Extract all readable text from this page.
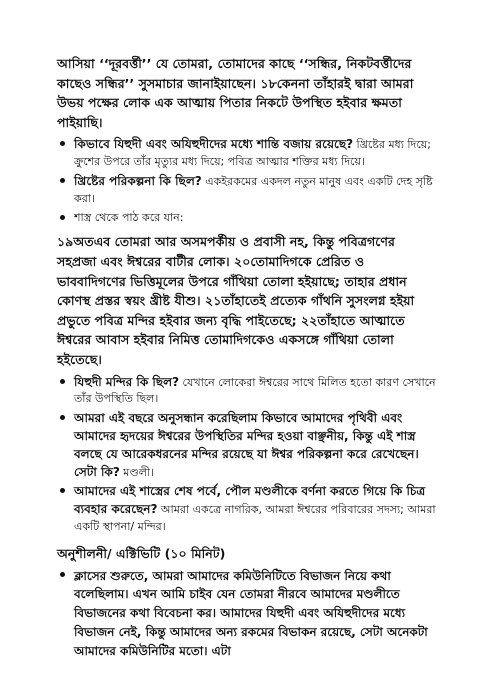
আসিয়া ‘‘দূরবর্ত্তী’’ যে তোমরা, তোমাদের কাছে ‘‘সন্ধির, নিকটবর্ত্তীদের কাছেও সন্ধির’’ সুসমাচার জানাইয়াছেন। ১৮কেননা তাঁহারই দ্বারা আমরা উভয় পক্ষের লোক এক আত্মায় পিতার নিকটে উপস্থিত হইবার ক্ষমতা পাইয়াছি।

কিভাবে যিহুদী এবং অযিহুদীদের মধ্যে শান্তি বজায় রয়েছে? খ্রিষ্টের মধ্য দিয়ে; ক্রুশের উপরে তাঁর মৃত্যুর মধ্য দিয়ে; পবিত্র আত্মার শক্তির মধ্য দিয়ে।
খ্রিষ্টের পরিকল্পনা কি ছিল? একইরকমের একদল নতুন মানুষ এবং একটি দেহ সৃষ্টি করা।
শাস্ত্র থেকে পাঠ করে যান:

১৯অতএব তোমরা আর অসমপর্কীয় ও প্রবাসী নহ, কিন্তু পবিত্রগণের সহপ্রজা এবং ঈশ্বরের বাটীর লোক। ২০তোমাদিগকে প্রেরিত ও ভাববাদিগণের ভিত্তিমূলের উপরে গাঁথিয়া তোলা হইয়াছে; তাহার প্রধান কোণস্থ প্রস্তর স্বয়ং খ্রীষ্ট যীশু। ২১তাঁহাতেই প্রত্যেক গাঁথনি সুসংলগ্ন হইয়া প্রভুতে পবিত্র মন্দির হইবার জন্য বৃদ্ধি পাইতেছে; ২২তাঁহাতে আত্মাতে ঈশ্বরের আবাস হইবার নিমিত্ত তোমাদিগকেও একসঙ্গে গাঁথিয়া তোলা হইতেছে।

যিহুদী মন্দির কি ছিল? যেখানে লোকেরা ঈশ্বরের সাথে মিলিত হতো কারণ সেখানে তাঁর উপস্থিতি ছিল।
আমরা এই বছরে অনুসন্ধান করেছিলাম কিভাবে আমাদের পৃথিবী এবং আমাদের হৃদয়ের ঈশ্বরের উপস্থিতির মন্দির হওয়া বাঞ্ছনীয়, কিন্তু এই শাস্ত্র বলছে যে আরেকধরনের মন্দির রয়েছে যা ঈশ্বর পরিকল্পনা করে রেখেছেন। সেটা কি? মণ্ডলী।
আমাদের এই শাস্ত্রের শেষ পর্বে, পৌল মণ্ডলীকে বর্ণনা করতে গিয়ে কি চিত্র ব্যবহার করেছেন? আমরা একত্রে নাগরিক, আমরা ঈশ্বরের পরিবারের সদস্য; আমরা একটি স্থাপনা/ মন্দির।
অনুশীলনী/ এক্টিভিটি (১০ মিনিট)
ক্লাসের শুরুতে, আমরা আমাদের কমিউনিটিতে বিভাজন নিয়ে কথা বলেছিলাম। এখন আমি চাইব যেন তোমরা নীরবে আমাদের মণ্ডলীতে বিভাজনের কথা বিবেচনা কর। আমাদের যিহুদী এবং অযিহুদীদের মধ্যে বিভাজন নেই, কিন্তু আমাদের অন্য রকমের বিভাকন রয়েছে, সেটা অনেকটা আমাদের কমিউনিটির মতো। এটা
